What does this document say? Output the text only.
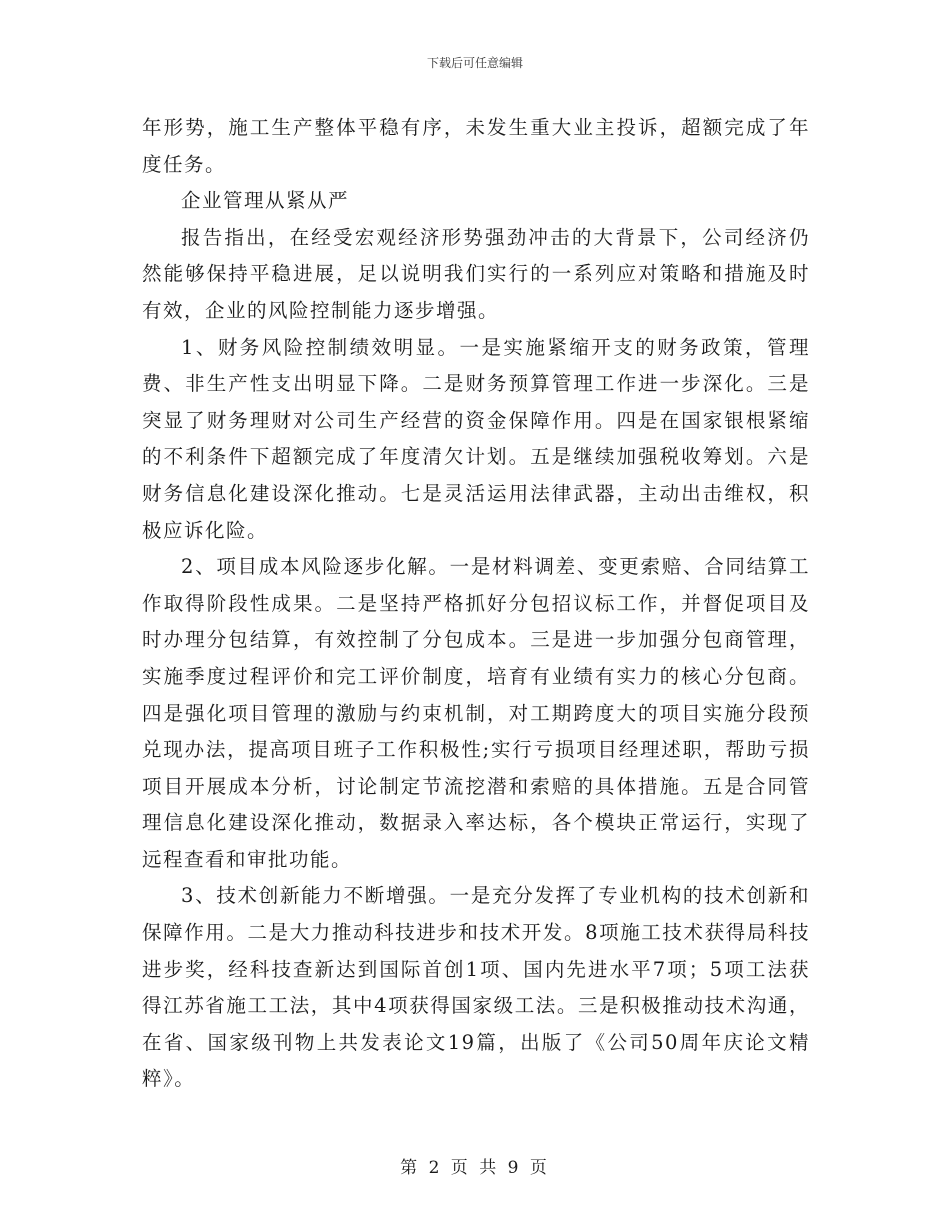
下载后可任意编辑

年形势，施工生产整体平稳有序，未发生重大业主投诉，超额完成了年度任务。

企业管理从紧从严

报告指出，在经受宏观经济形势强劲冲击的大背景下，公司经济仍然能够保持平稳进展，足以说明我们实行的一系列应对策略和措施及时有效，企业的风险控制能力逐步增强。

1、财务风险控制绩效明显。一是实施紧缩开支的财务政策，管理费、非生产性支出明显下降。二是财务预算管理工作进一步深化。三是突显了财务理财对公司生产经营的资金保障作用。四是在国家银根紧缩的不利条件下超额完成了年度清欠计划。五是继续加强税收筹划。六是财务信息化建设深化推动。七是灵活运用法律武器，主动出击维权，积极应诉化险。

2、项目成本风险逐步化解。一是材料调差、变更索赔、合同结算工作取得阶段性成果。二是坚持严格抓好分包招议标工作，并督促项目及时办理分包结算，有效控制了分包成本。三是进一步加强分包商管理，实施季度过程评价和完工评价制度，培育有业绩有实力的核心分包商。四是强化项目管理的激励与约束机制，对工期跨度大的项目实施分段预兑现办法，提高项目班子工作积极性;实行亏损项目经理述职，帮助亏损项目开展成本分析，讨论制定节流挖潜和索赔的具体措施。五是合同管理信息化建设深化推动，数据录入率达标，各个模块正常运行，实现了远程查看和审批功能。

3、技术创新能力不断增强。一是充分发挥了专业机构的技术创新和保障作用。二是大力推动科技进步和技术开发。8项施工技术获得局科技进步奖，经科技查新达到国际首创1项、国内先进水平7项；5项工法获得江苏省施工工法，其中4项获得国家级工法。三是积极推动技术沟通，在省、国家级刊物上共发表论文19篇，出版了《公司50周年庆论文精粹》。

第 2 页 共 9 页
